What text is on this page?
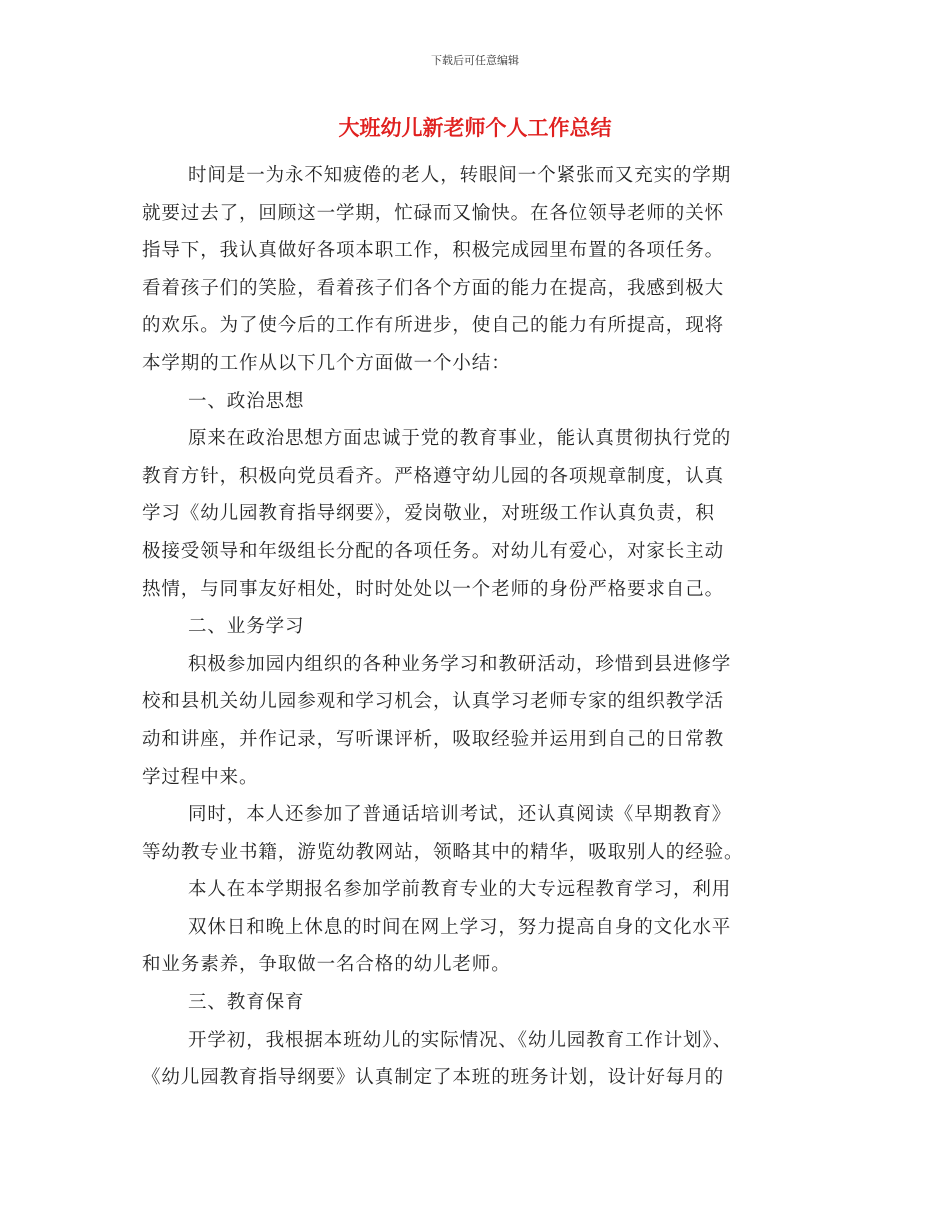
下载后可任意编辑
大班幼儿新老师个人工作总结
时间是一为永不知疲倦的老人，转眼间一个紧张而又充实的学期
就要过去了，回顾这一学期，忙碌而又愉快。在各位领导老师的关怀
指导下，我认真做好各项本职工作，积极完成园里布置的各项任务。
看着孩子们的笑脸，看着孩子们各个方面的能力在提高，我感到极大
的欢乐。为了使今后的工作有所进步，使自己的能力有所提高，现将
本学期的工作从以下几个方面做一个小结：
一、政治思想
原来在政治思想方面忠诚于党的教育事业，能认真贯彻执行党的
教育方针，积极向党员看齐。严格遵守幼儿园的各项规章制度，认真
学习《幼儿园教育指导纲要》，爱岗敬业，对班级工作认真负责，积
极接受领导和年级组长分配的各项任务。对幼儿有爱心，对家长主动
热情，与同事友好相处，时时处处以一个老师的身份严格要求自己。
二、业务学习
积极参加园内组织的各种业务学习和教研活动，珍惜到县进修学
校和县机关幼儿园参观和学习机会，认真学习老师专家的组织教学活
动和讲座，并作记录，写听课评析，吸取经验并运用到自己的日常教
学过程中来。
同时，本人还参加了普通话培训考试，还认真阅读《早期教育》
等幼教专业书籍，游览幼教网站，领略其中的精华，吸取别人的经验。
本人在本学期报名参加学前教育专业的大专远程教育学习，利用
双休日和晚上休息的时间在网上学习，努力提高自身的文化水平
和业务素养，争取做一名合格的幼儿老师。
三、教育保育
开学初，我根据本班幼儿的实际情况、《幼儿园教育工作计划》、
《幼儿园教育指导纲要》认真制定了本班的班务计划，设计好每月的
